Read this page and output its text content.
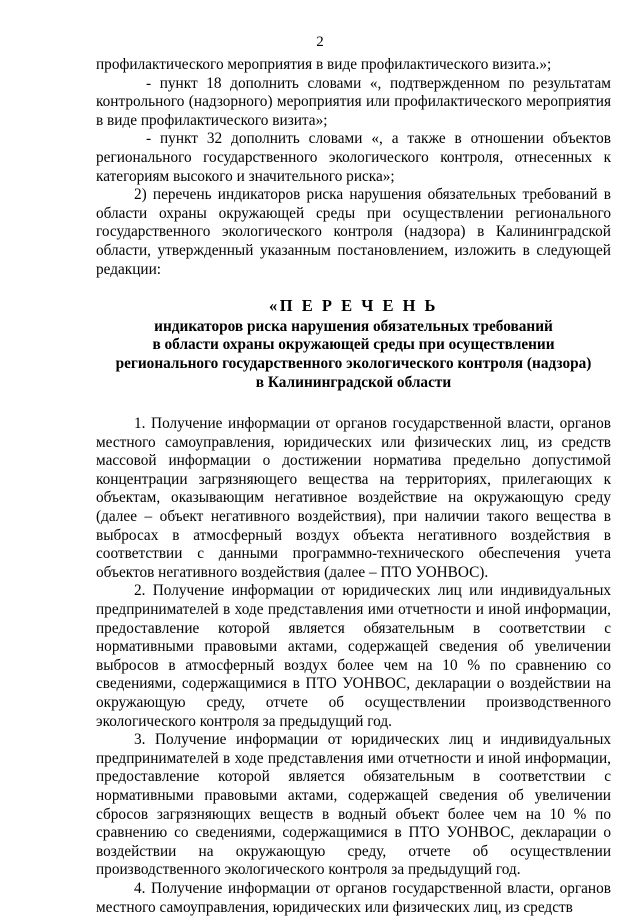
2

профилактического мероприятия в виде профилактического визита.»;

- пункт 18 дополнить словами «, подтвержденном по результатам контрольного (надзорного) мероприятия или профилактического мероприятия в виде профилактического визита»;

- пункт 32 дополнить словами «, а также в отношении объектов регионального государственного экологического контроля, отнесенных к категориям высокого и значительного риска»;

2) перечень индикаторов риска нарушения обязательных требований в области охраны окружающей среды при осуществлении регионального государственного экологического контроля (надзора) в Калининградской области, утвержденный указанным постановлением, изложить в следующей редакции:

«П Е Р Е Ч Е Н Ь
индикаторов риска нарушения обязательных требований
в области охраны окружающей среды при осуществлении
регионального государственного экологического контроля (надзора)
в Калининградской области

1. Получение информации от органов государственной власти, органов местного самоуправления, юридических или физических лиц, из средств массовой информации о достижении норматива предельно допустимой концентрации загрязняющего вещества на территориях, прилегающих к объектам, оказывающим негативное воздействие на окружающую среду (далее – объект негативного воздействия), при наличии такого вещества в выбросах в атмосферный воздух объекта негативного воздействия в соответствии с данными программно-технического обеспечения учета объектов негативного воздействия (далее – ПТО УОНВОС).

2. Получение информации от юридических лиц или индивидуальных предпринимателей в ходе представления ими отчетности и иной информации, предоставление которой является обязательным в соответствии с нормативными правовыми актами, содержащей сведения об увеличении выбросов в атмосферный воздух более чем на 10 % по сравнению со сведениями, содержащимися в ПТО УОНВОС, декларации о воздействии на окружающую среду, отчете об осуществлении производственного экологического контроля за предыдущий год.

3. Получение информации от юридических лиц и индивидуальных предпринимателей в ходе представления ими отчетности и иной информации, предоставление которой является обязательным в соответствии с нормативными правовыми актами, содержащей сведения об увеличении сбросов загрязняющих веществ в водный объект более чем на 10 % по сравнению со сведениями, содержащимися в ПТО УОНВОС, декларации о воздействии на окружающую среду, отчете об осуществлении производственного экологического контроля за предыдущий год.

4. Получение информации от органов государственной власти, органов местного самоуправления, юридических или физических лиц, из средств
